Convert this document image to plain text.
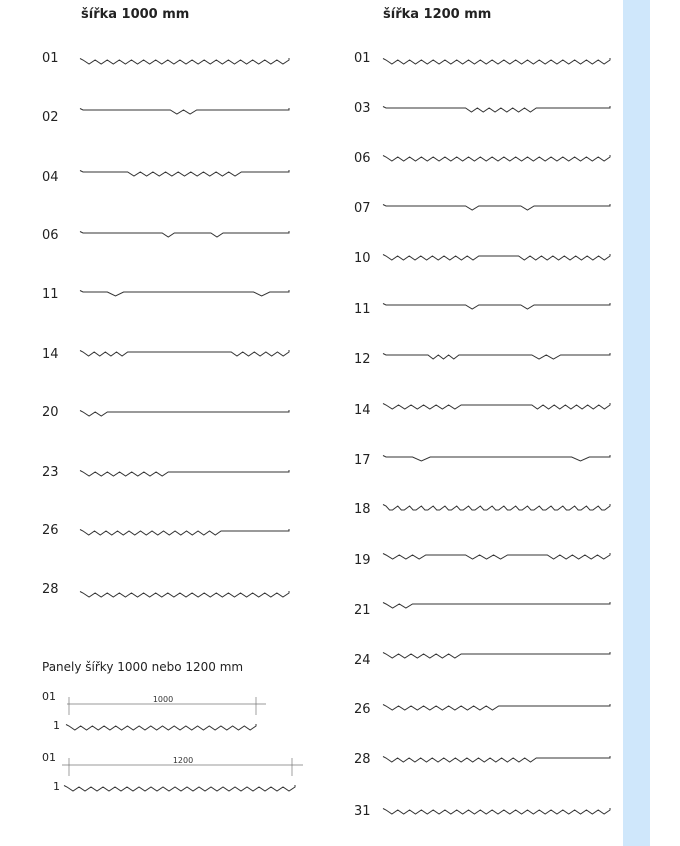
šířka 1000 mm	šířka 1200 mm
01
02
04
06
11
14
20
23
26
28
01
03
06
07
10
11
12
14
17
18
19
21
24
26
28
31
Panely šířky 1000 nebo 1200 mm
01
1
01
1
1000
1200
